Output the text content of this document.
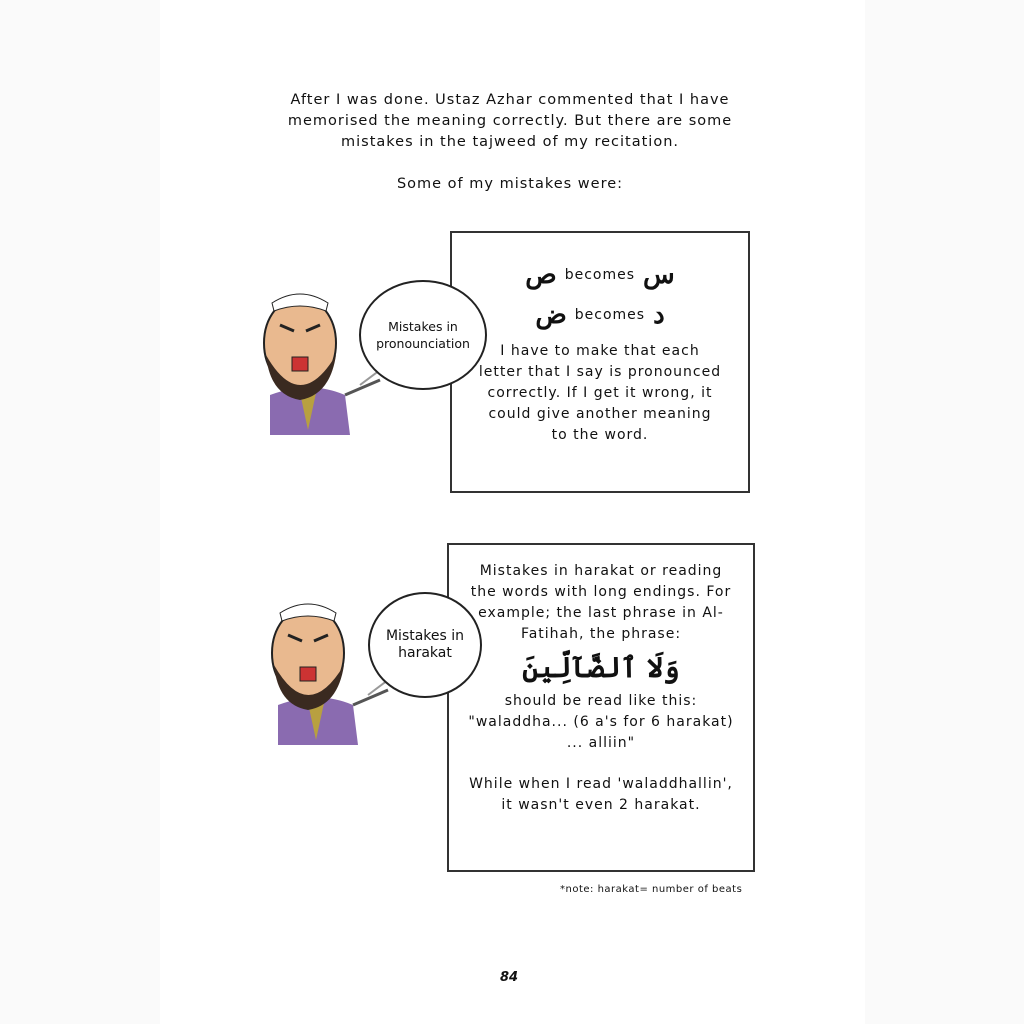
After I was done. Ustaz Azhar commented that I have memorised the meaning correctly. But there are some mistakes in the tajweed of my recitation.
Some of my mistakes were:
Mistakes in pronounciation
ص becomes س
ض becomes د
I have to make that each letter that I say is pronounced correctly. If I get it wrong, it could give another meaning to the word.
Mistakes in harakat
Mistakes in harakat or reading the words with long endings. For example; the last phrase in Al-Fatihah, the phrase:
وَلَا ٱلضَّآلِّينَ
should be read like this:
"waladdha... (6 a's for 6 harakat)
... alliin"
While when I read 'waladdhallin', it wasn't even 2 harakat.
*note: harakat= number of beats
84
